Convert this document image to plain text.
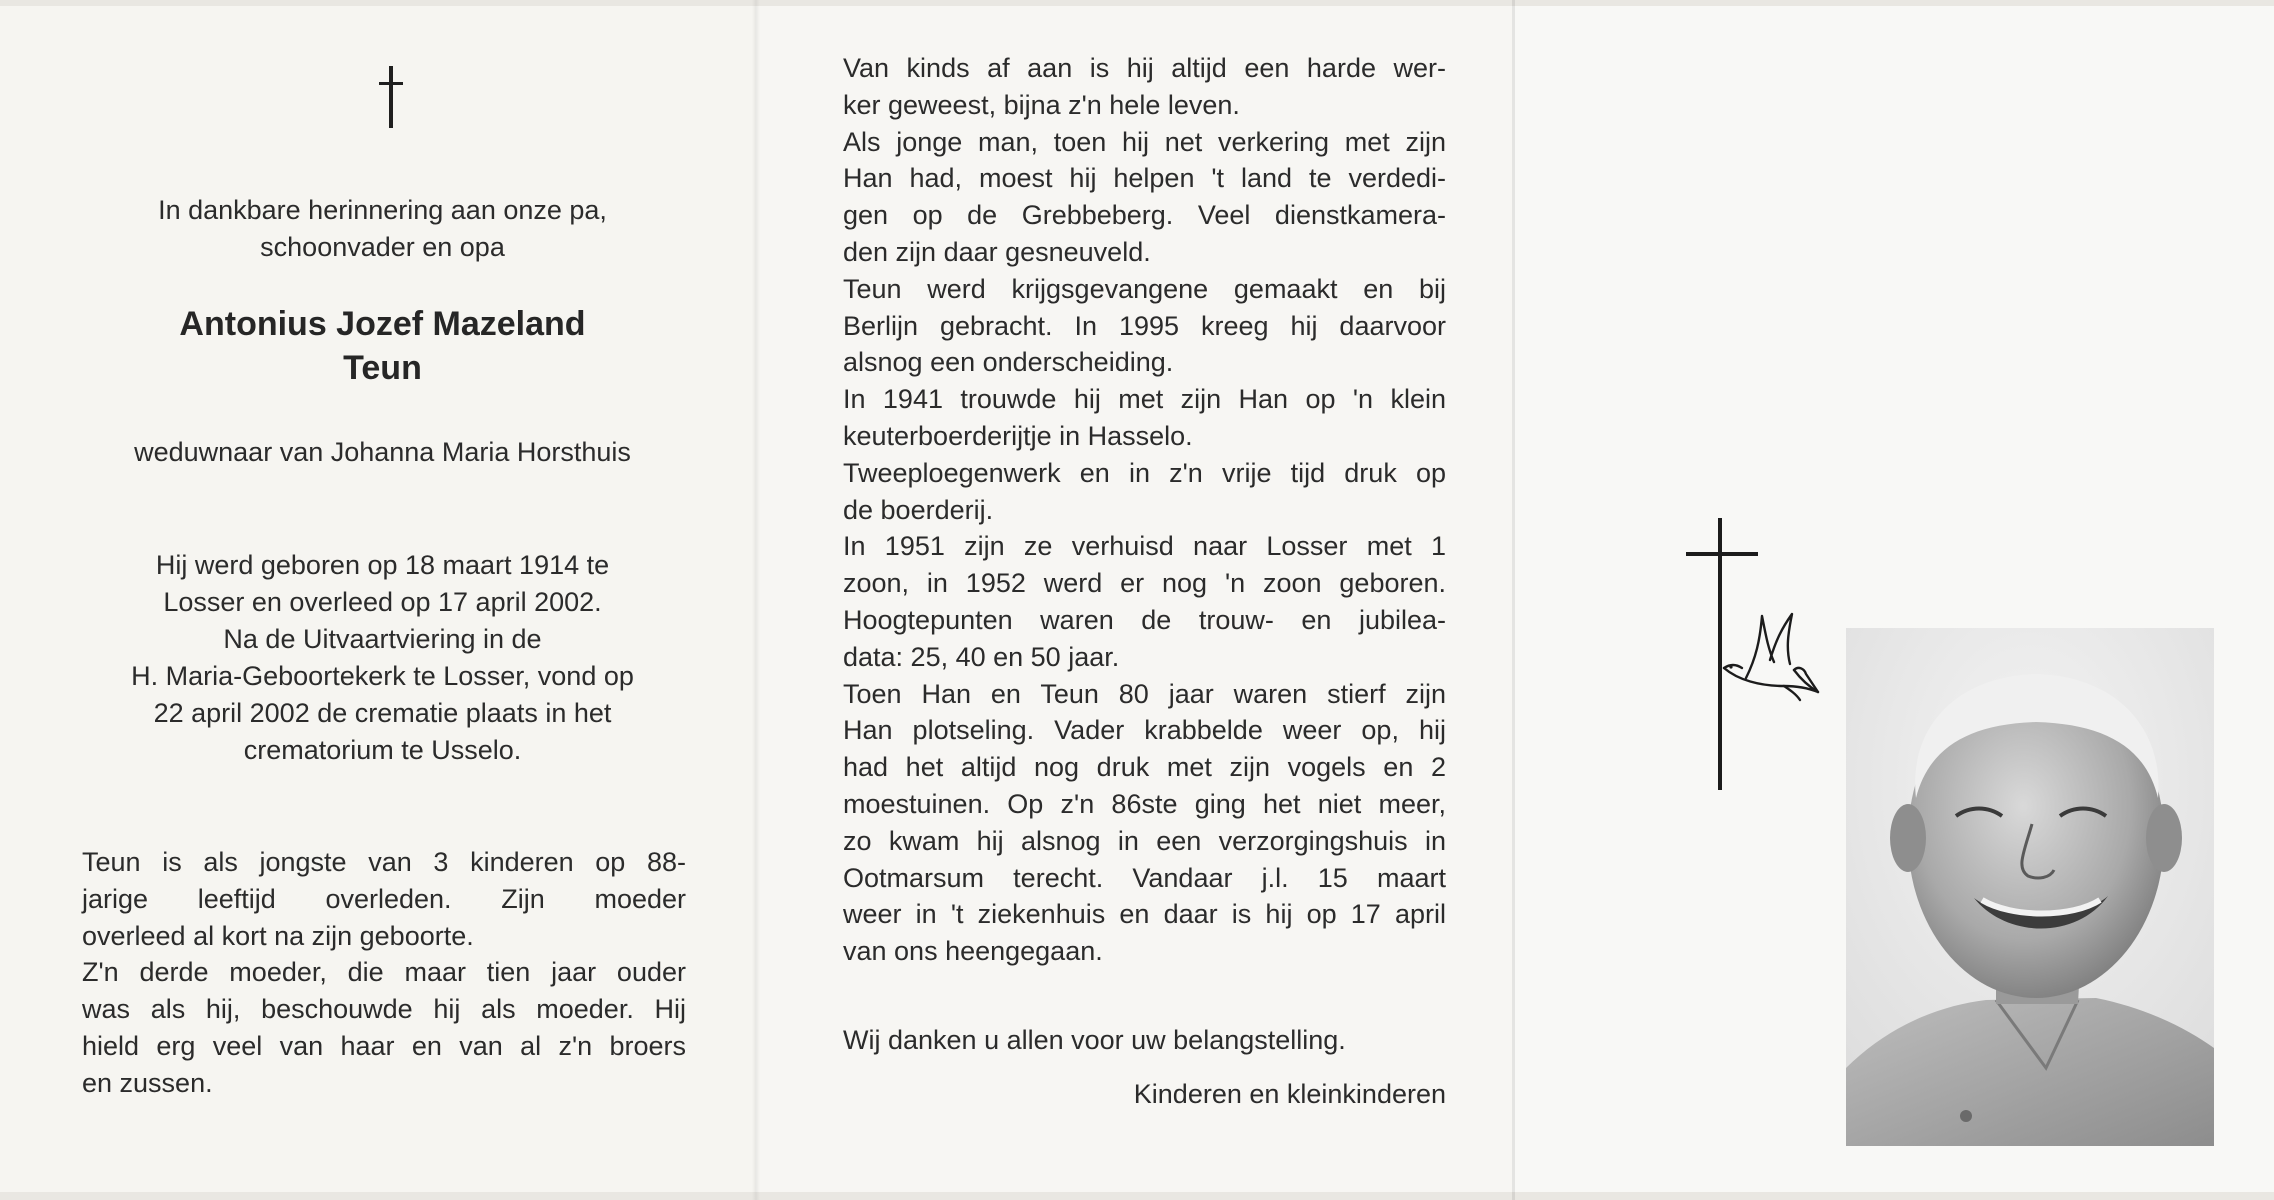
In dankbare herinnering aan onze pa,
schoonvader en opa
Antonius Jozef Mazeland
Teun
weduwnaar van Johanna Maria Horsthuis
Hij werd geboren op 18 maart 1914 te
Losser en overleed op 17 april 2002.
Na de Uitvaartviering in de
H. Maria-Geboortekerk te Losser, vond op
22 april 2002 de crematie plaats in het
crematorium te Usselo.
Teun is als jongste van 3 kinderen op 88-
jarige leeftijd overleden. Zijn moeder
overleed al kort na zijn geboorte.
Z'n derde moeder, die maar tien jaar ouder
was als hij, beschouwde hij als moeder. Hij
hield erg veel van haar en van al z'n broers
en zussen.
Van kinds af aan is hij altijd een harde wer-
ker geweest, bijna z'n hele leven.
Als jonge man, toen hij net verkering met zijn
Han had, moest hij helpen 't land te verdedi-
gen op de Grebbeberg. Veel dienstkamera-
den zijn daar gesneuveld.
Teun werd krijgsgevangene gemaakt en bij
Berlijn gebracht. In 1995 kreeg hij daarvoor
alsnog een onderscheiding.
In 1941 trouwde hij met zijn Han op 'n klein
keuterboerderijtje in Hasselo.
Tweeploegenwerk en in z'n vrije tijd druk op
de boerderij.
In 1951 zijn ze verhuisd naar Losser met 1
zoon, in 1952 werd er nog 'n zoon geboren.
Hoogtepunten waren de trouw- en jubilea-
data: 25, 40 en 50 jaar.
Toen Han en Teun 80 jaar waren stierf zijn
Han plotseling. Vader krabbelde weer op, hij
had het altijd nog druk met zijn vogels en 2
moestuinen. Op z'n 86ste ging het niet meer,
zo kwam hij alsnog in een verzorgingshuis in
Ootmarsum terecht. Vandaar j.l. 15 maart
weer in 't ziekenhuis en daar is hij op 17 april
van ons heengegaan.
Wij danken u allen voor uw belangstelling.
Kinderen en kleinkinderen
